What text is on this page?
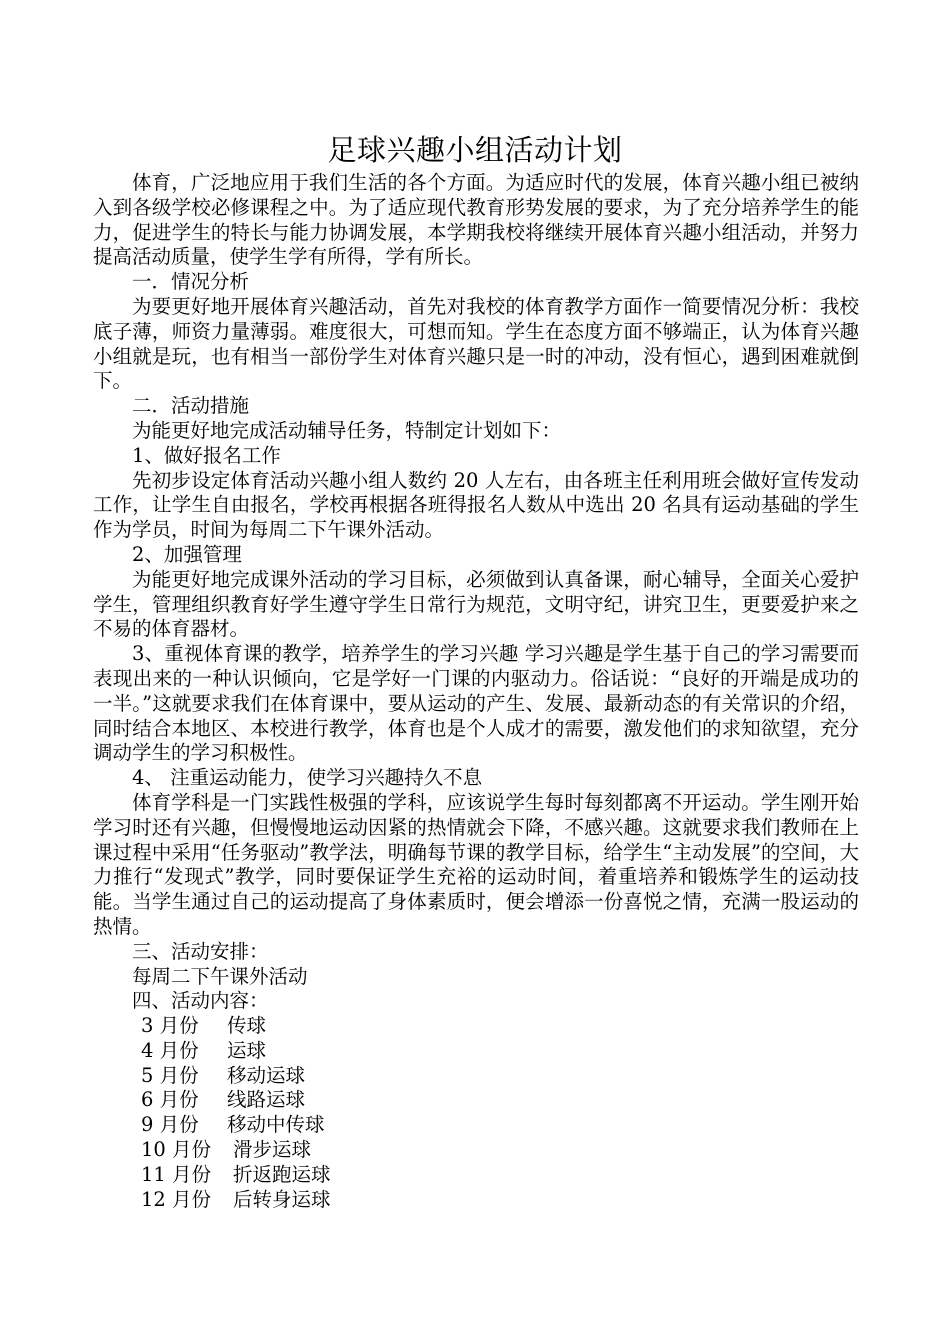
足球兴趣小组活动计划

体育，广泛地应用于我们生活的各个方面。为适应时代的发展，体育兴趣小组已被纳入到各级学校必修课程之中。为了适应现代教育形势发展的要求，为了充分培养学生的能力，促进学生的特长与能力协调发展，本学期我校将继续开展体育兴趣小组活动，并努力提高活动质量，使学生学有所得，学有所长。

一．情况分析

为要更好地开展体育兴趣活动，首先对我校的体育教学方面作一简要情况分析：我校底子薄，师资力量薄弱。难度很大，可想而知。学生在态度方面不够端正，认为体育兴趣小组就是玩，也有相当一部份学生对体育兴趣只是一时的冲动，没有恒心，遇到困难就倒下。

二．活动措施

为能更好地完成活动辅导任务，特制定计划如下：

1、做好报名工作

先初步设定体育活动兴趣小组人数约 20 人左右，由各班主任利用班会做好宣传发动工作，让学生自由报名，学校再根据各班得报名人数从中选出 20 名具有运动基础的学生作为学员，时间为每周二下午课外活动。

2、加强管理

为能更好地完成课外活动的学习目标，必须做到认真备课，耐心辅导，全面关心爱护学生，管理组织教育好学生遵守学生日常行为规范，文明守纪，讲究卫生，更要爱护来之不易的体育器材。

3、重视体育课的教学，培养学生的学习兴趣 学习兴趣是学生基于自己的学习需要而表现出来的一种认识倾向，它是学好一门课的内驱动力。俗话说：“良好的开端是成功的一半。”这就要求我们在体育课中，要从运动的产生、发展、最新动态的有关常识的介绍，同时结合本地区、本校进行教学，体育也是个人成才的需要，激发他们的求知欲望，充分调动学生的学习积极性。

4、 注重运动能力，使学习兴趣持久不息

体育学科是一门实践性极强的学科，应该说学生每时每刻都离不开运动。学生刚开始学习时还有兴趣，但慢慢地运动因紧的热情就会下降，不感兴趣。这就要求我们教师在上课过程中采用“任务驱动”教学法，明确每节课的教学目标，给学生“主动发展”的空间，大力推行“发现式”教学，同时要保证学生充裕的运动时间，着重培养和锻炼学生的运动技能。当学生通过自己的运动提高了身体素质时，便会增添一份喜悦之情，充满一股运动的热情。

三、活动安排：

每周二下午课外活动

四、活动内容：

3 月份 传球

4 月份 运球

5 月份 移动运球

6 月份 线路运球

9 月份 移动中传球

10 月份 滑步运球

11 月份 折返跑运球

12 月份 后转身运球
